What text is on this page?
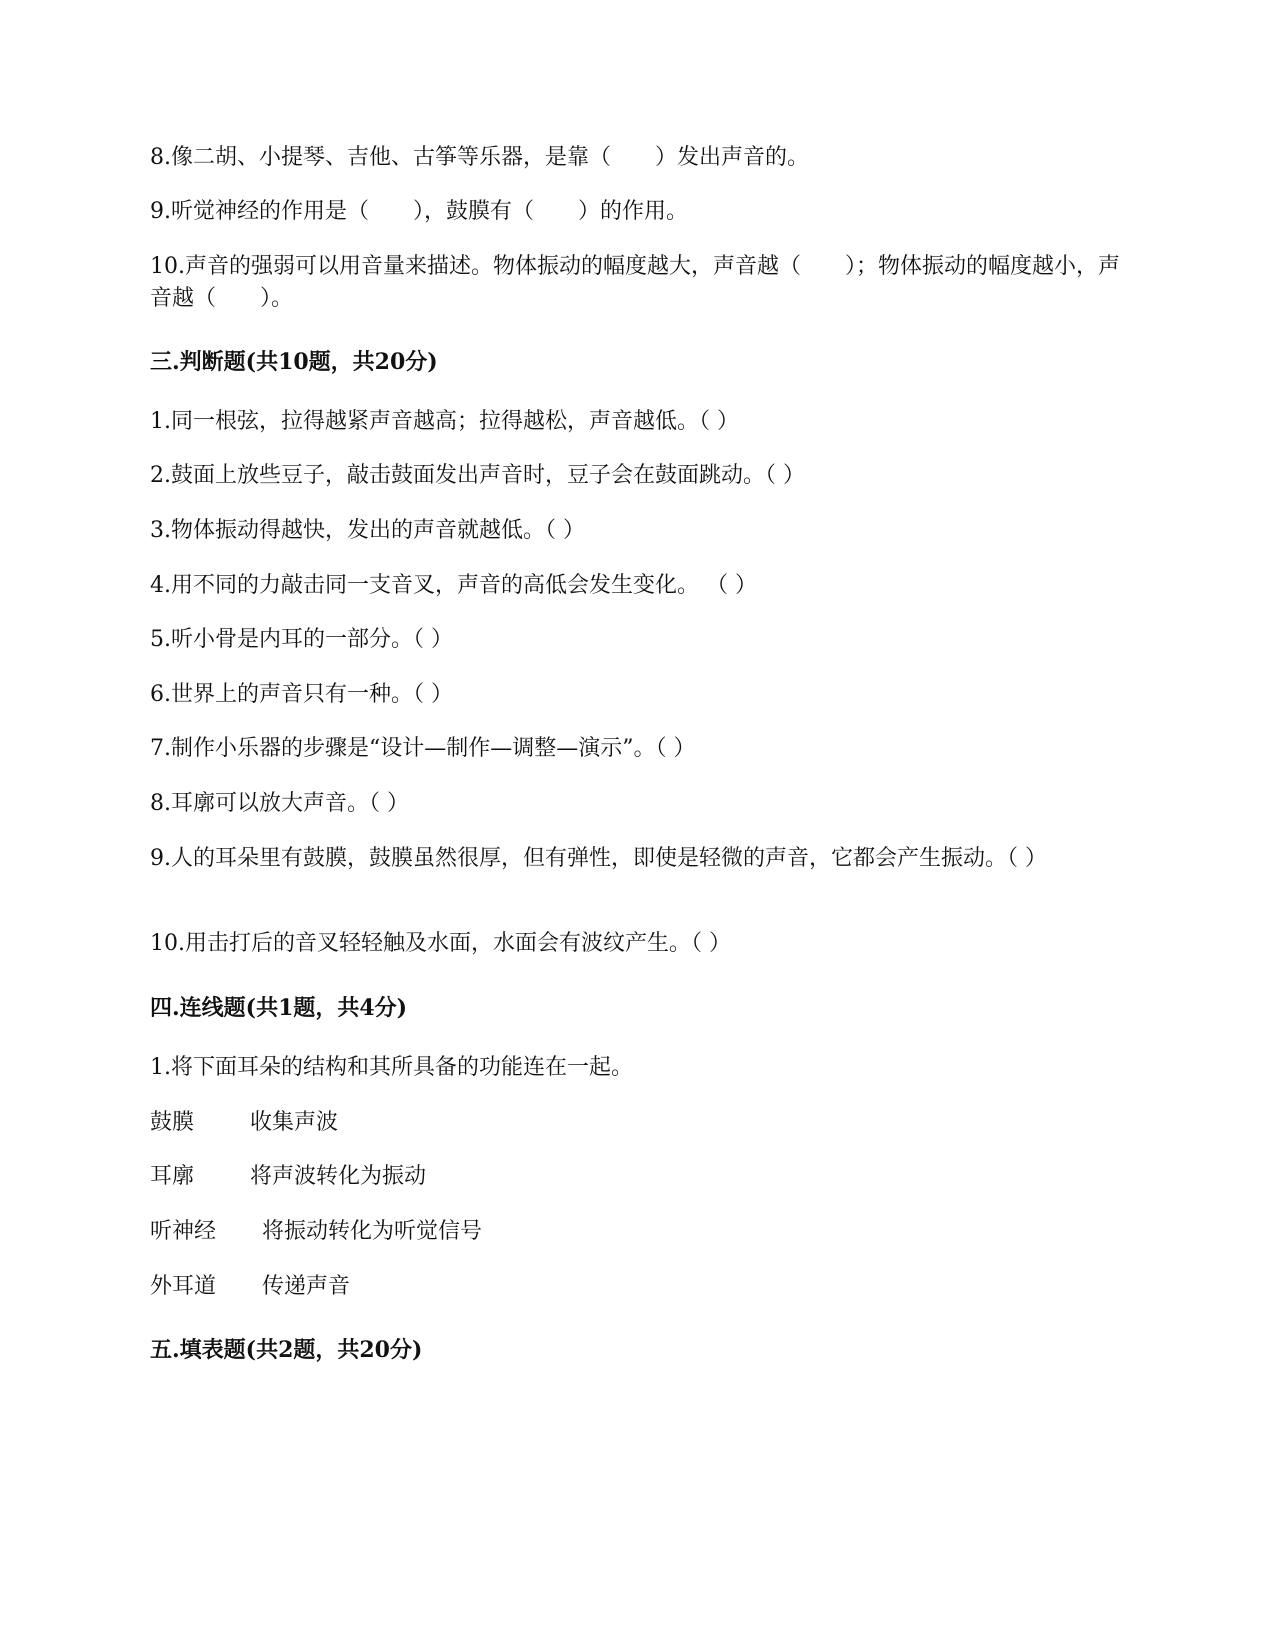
8.像二胡、小提琴、吉他、古筝等乐器，是靠（　　）发出声音的。
9.听觉神经的作用是（　　），鼓膜有（　　）的作用。
10.声音的强弱可以用音量来描述。物体振动的幅度越大，声音越（　　）；物体振动的幅度越小，声音越（　　）。
三.判断题(共10题，共20分)
1.同一根弦，拉得越紧声音越高；拉得越松，声音越低。（ ）
2.鼓面上放些豆子，敲击鼓面发出声音时，豆子会在鼓面跳动。（ ）
3.物体振动得越快，发出的声音就越低。（ ）
4.用不同的力敲击同一支音叉，声音的高低会发生变化。 （ ）
5.听小骨是内耳的一部分。（ ）
6.世界上的声音只有一种。（ ）
7.制作小乐器的步骤是“设计—制作—调整—演示”。（ ）
8.耳廓可以放大声音。（ ）
9.人的耳朵里有鼓膜，鼓膜虽然很厚，但有弹性，即使是轻微的声音，它都会产生振动。（ ）
10.用击打后的音叉轻轻触及水面，水面会有波纹产生。（ ）
四.连线题(共1题，共4分)
1.将下面耳朵的结构和其所具备的功能连在一起。
鼓膜	收集声波
耳廓	将声波转化为振动
听神经 将振动转化为听觉信号
外耳道 传递声音
五.填表题(共2题，共20分)
